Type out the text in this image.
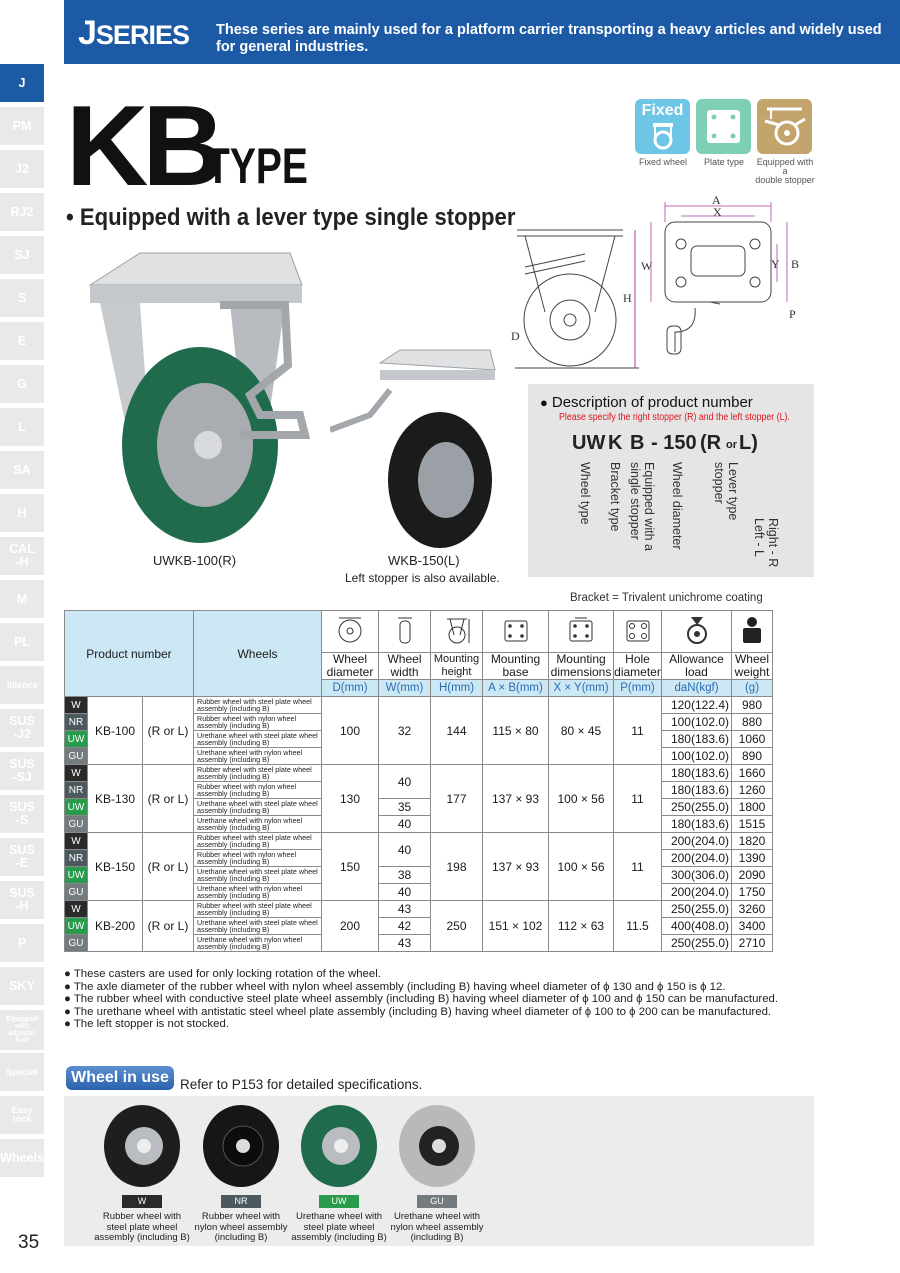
JSERIES These series are mainly used for a platform carrier transporting a heavy articles and widely used for general industries.
J
PM
J2
RJ2
SJ
S
E
G
L
SA
H
CAL
-H
M
PL
Silence
SUS
-J2
SUS
-SJ
SUS
-S
SUS
-E
SUS
-H
P
SKY
Equipped
with
adjuster
foot
Special
Easy
lock
Wheels
35
KB
TYPE
• Equipped with a lever type single stopper
Fixed
Fixed wheel	Plate type	Equipped with a
double stopper
A
X
W
H
D
Y B
P
UWKB-100(R)	WKB-150(L)
Left stopper is also available.
● Description of product number
Please specify the right stopper (R) and the left stopper (L).
UW K B - 150 (R or L)
Wheel type Bracket type	Equipped with a single stopper	Wheel diameter	Lever type stopper
Left - L Right - R
Bracket = Trivalent unichrome coating
Product number			Wheels								
				Wheel diameter	Wheel width	Mounting height	Mounting base	Mounting dimensions	Hole diameter	Allowance load	Wheel weight
				D(mm)	W(mm)	H(mm)	A × B(mm)	X × Y(mm)	P(mm)	daN(kgf)	(g)
W	KB-100	(R or L)	Rubber wheel with steel plate wheel assembly (including B)	100	32	144	115 × 80	80 × 45	11	120(122.4)	980
NR			Rubber wheel with nylon wheel assembly (including B)							100(102.0)	880
UW			Urethane wheel with steel plate wheel assembly (including B)							180(183.6)	1060
GU			Urethane wheel with nylon wheel assembly (including B)							100(102.0)	890
W	KB-130	(R or L)	Rubber wheel with steel plate wheel assembly (including B)	130	40	177	137 × 93	100 × 56	11	180(183.6)	1660
NR			Rubber wheel with nylon wheel assembly (including B)							180(183.6)	1260
UW			Urethane wheel with steel plate wheel assembly (including B)		35					250(255.0)	1800
GU			Urethane wheel with nylon wheel assembly (including B)		40					180(183.6)	1515
W	KB-150	(R or L)	Rubber wheel with steel plate wheel assembly (including B)	150	40	198	137 × 93	100 × 56	11	200(204.0)	1820
NR			Rubber wheel with nylon wheel assembly (including B)							200(204.0)	1390
UW			Urethane wheel with steel plate wheel assembly (including B)		38					300(306.0)	2090
GU			Urethane wheel with nylon wheel assembly (including B)		40					200(204.0)	1750
W	KB-200	(R or L)	Rubber wheel with steel plate wheel assembly (including B)	200	43	250	151 × 102	112 × 63	11.5	250(255.0)	3260
UW			Urethane wheel with steel plate wheel assembly (including B)		42					400(408.0)	3400
GU			Urethane wheel with nylon wheel assembly (including B)		43					250(255.0)	2710
● These casters are used for only locking rotation of the wheel.
● The axle diameter of the rubber wheel with nylon wheel assembly (including B) having wheel diameter of ϕ 130 and ϕ 150 is ϕ 12.
● The rubber wheel with conductive steel plate wheel assembly (including B) having wheel diameter of ϕ 100 and ϕ 150 can be manufactured.
● The urethane wheel with antistatic steel wheel plate assembly (including B) having wheel diameter of ϕ 100 to ϕ 200 can be manufactured.
● The left stopper is not stocked.
Wheel in use Refer to P153 for detailed specifications.
W	NR	UW	GU
Rubber wheel with steel plate wheel assembly (including B)
Rubber wheel with nylon wheel assembly (including B)
Urethane wheel with steel plate wheel assembly (including B)
Urethane wheel with nylon wheel assembly (including B)
